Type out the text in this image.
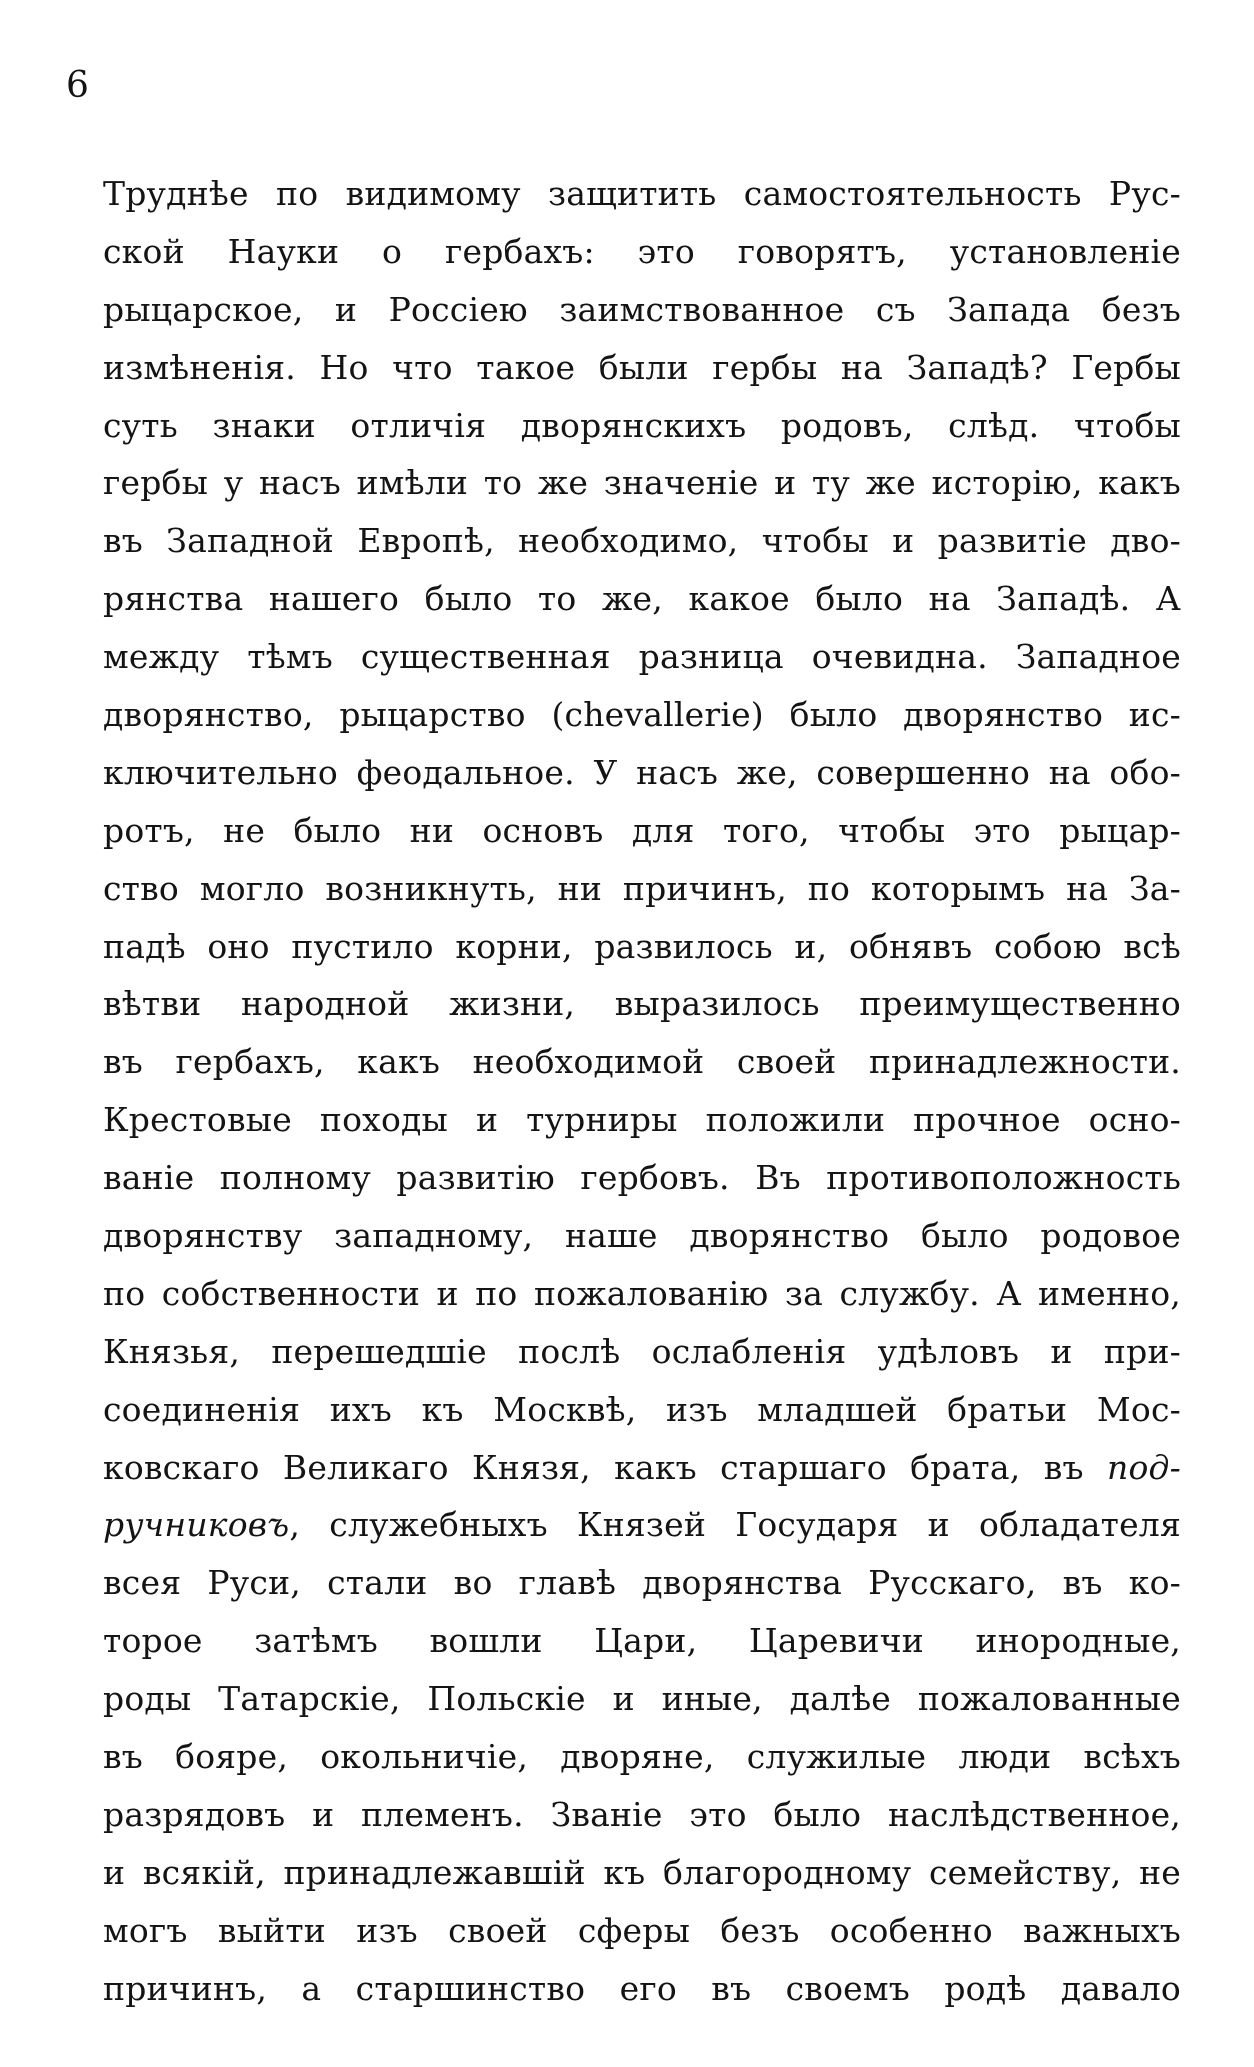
6
Труднѣе по видимому защитить самостоятельность Рус-
ской Науки о гербахъ: это говорятъ, установленіе
рыцарское, и Россіею заимствованное съ Запада безъ
измѣненія. Но что такое были гербы на Западѣ? Гербы
суть знаки отличія дворянскихъ родовъ, слѣд. чтобы
гербы у насъ имѣли то же значеніе и ту же исторію, какъ
въ Западной Европѣ, необходимо, чтобы и развитіе дво-
рянства нашего было то же, какое было на Западѣ. А
между тѣмъ существенная разница очевидна. Западное
дворянство, рыцарство (chevallerie) было дворянство ис-
ключительно феодальное. У насъ же, совершенно на обо-
ротъ, не было ни основъ для того, чтобы это рыцар-
ство могло возникнуть, ни причинъ, по которымъ на За-
падѣ оно пустило корни, развилось и, обнявъ собою всѣ
вѣтви народной жизни, выразилось преимущественно
въ гербахъ, какъ необходимой своей принадлежности.
Крестовые походы и турниры положили прочное осно-
ваніе полному развитію гербовъ. Въ противоположность
дворянству западному, наше дворянство было родовое
по собственности и по пожалованію за службу. А именно,
Князья, перешедшіе послѣ ослабленія удѣловъ и при-
соединенія ихъ къ Москвѣ, изъ младшей братьи Мос-
ковскаго Великаго Князя, какъ старшаго брата, въ под-
ручниковъ, служебныхъ Князей Государя и обладателя
всея Руси, стали во главѣ дворянства Русскаго, въ ко-
торое затѣмъ вошли Цари, Царевичи инородные,
роды Татарскіе, Польскіе и иные, далѣе пожалованные
въ бояре, окольничіе, дворяне, служилые люди всѣхъ
разрядовъ и племенъ. Званіе это было наслѣдственное,
и всякій, принадлежавшій къ благородному семейству, не
могъ выйти изъ своей сферы безъ особенно важныхъ
причинъ, а старшинство его въ своемъ родѣ давало
